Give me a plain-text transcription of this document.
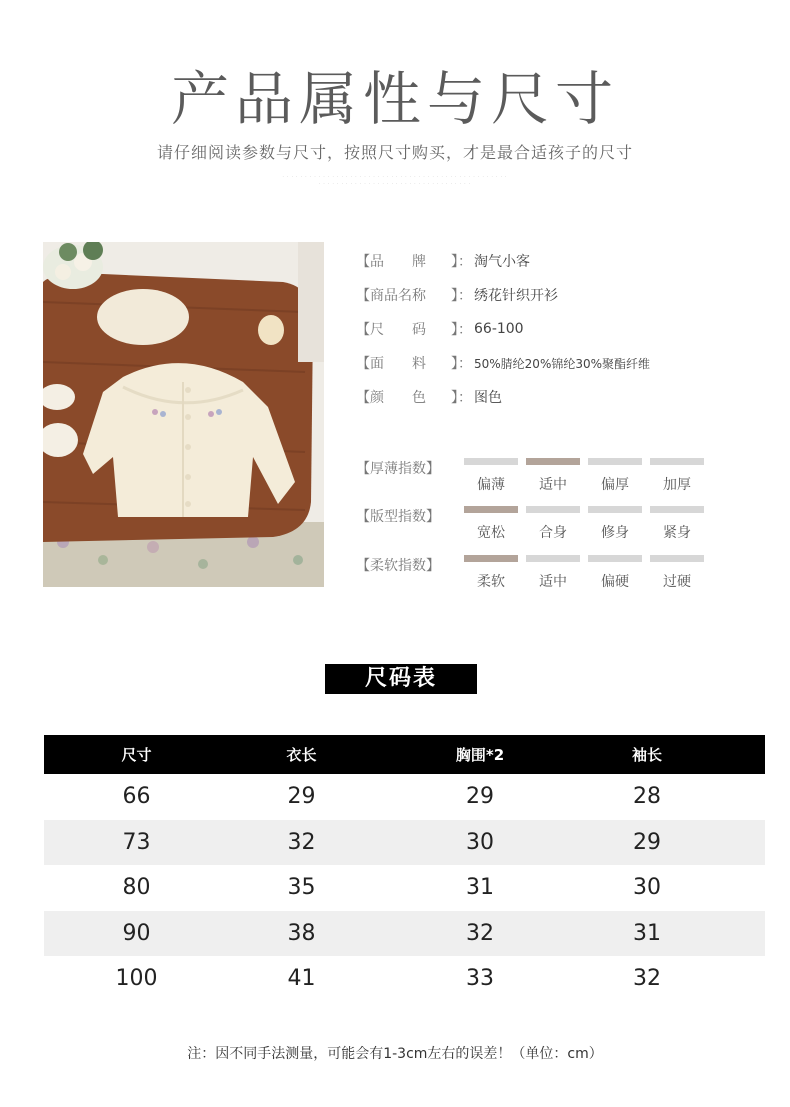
产品属性与尺寸
请仔细阅读参数与尺寸，按照尺寸购买，才是最合适孩子的尺寸
· · · · · · · · · · · · · · · · · · · · · · · · · · · · · · · · · · · · · · · · · · · · · · · · · ·
· · · · · · · · · · · · · · · · · · · · · · · · · · · · · · · · · ·
【 品　　牌	】： 淘气小客
【 商品名称	】： 绣花针织开衫
【 尺　　码	】： 66-100
【 面　　料	】： 50%腈纶20%锦纶30%聚酯纤维
【 颜　　色	】： 图色
【厚薄指数】
偏薄	适中	偏厚	加厚
【版型指数】
宽松	合身	修身	紧身
【柔软指数】
柔软	适中	偏硬	过硬
尺码表
尺寸	衣长	胸围*2	袖长
66	29	29	28
73	32	30	29
80	35	31	30
90	38	32	31
100	41	33	32
注：因不同手法测量，可能会有1-3cm左右的误差！（单位：cm）
